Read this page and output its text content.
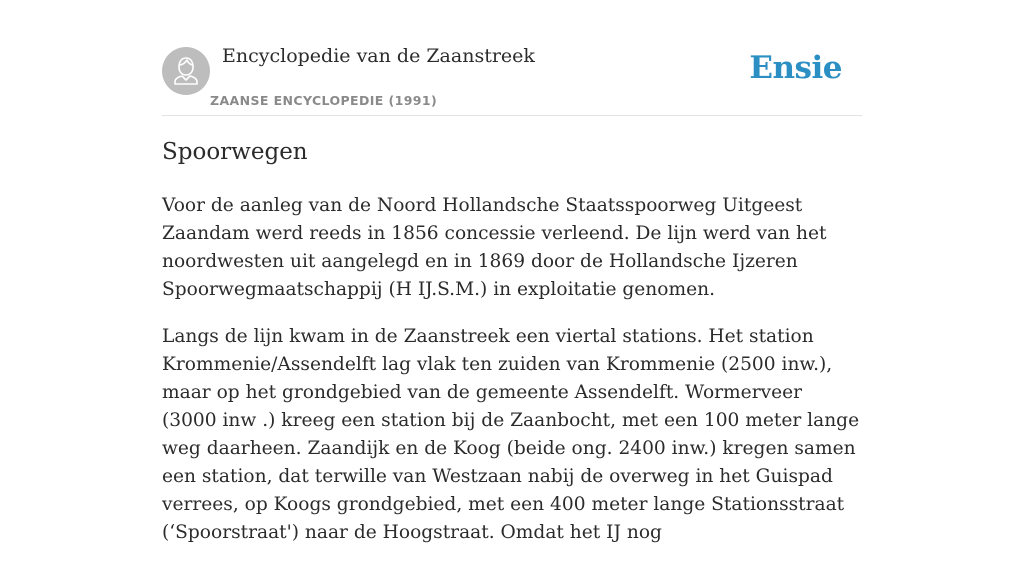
Encyclopedie van de Zaanstreek
ZAANSE ENCYCLOPEDIE (1991)
Ensie
Spoorwegen

Voor de aanleg van de Noord Hollandsche Staatsspoorweg Uitgeest Zaandam werd reeds in 1856 concessie verleend. De lijn werd van het noordwesten uit aangelegd en in 1869 door de Hollandsche Ijzeren Spoorwegmaatschappij (H IJ.S.M.) in exploitatie genomen.

Langs de lijn kwam in de Zaanstreek een viertal stations. Het station Krommenie/Assendelft lag vlak ten zuiden van Krommenie (2500 inw.), maar op het grondgebied van de gemeente Assendelft. Wormerveer (3000 inw .) kreeg een station bij de Zaanbocht, met een 100 meter lange weg daarheen. Zaandijk en de Koog (beide ong. 2400 inw.) kregen samen een station, dat terwille van Westzaan nabij de overweg in het Guispad verrees, op Koogs grondgebied, met een 400 meter lange Stationsstraat (‘Spoorstraat') naar de Hoogstraat. Omdat het IJ nog
